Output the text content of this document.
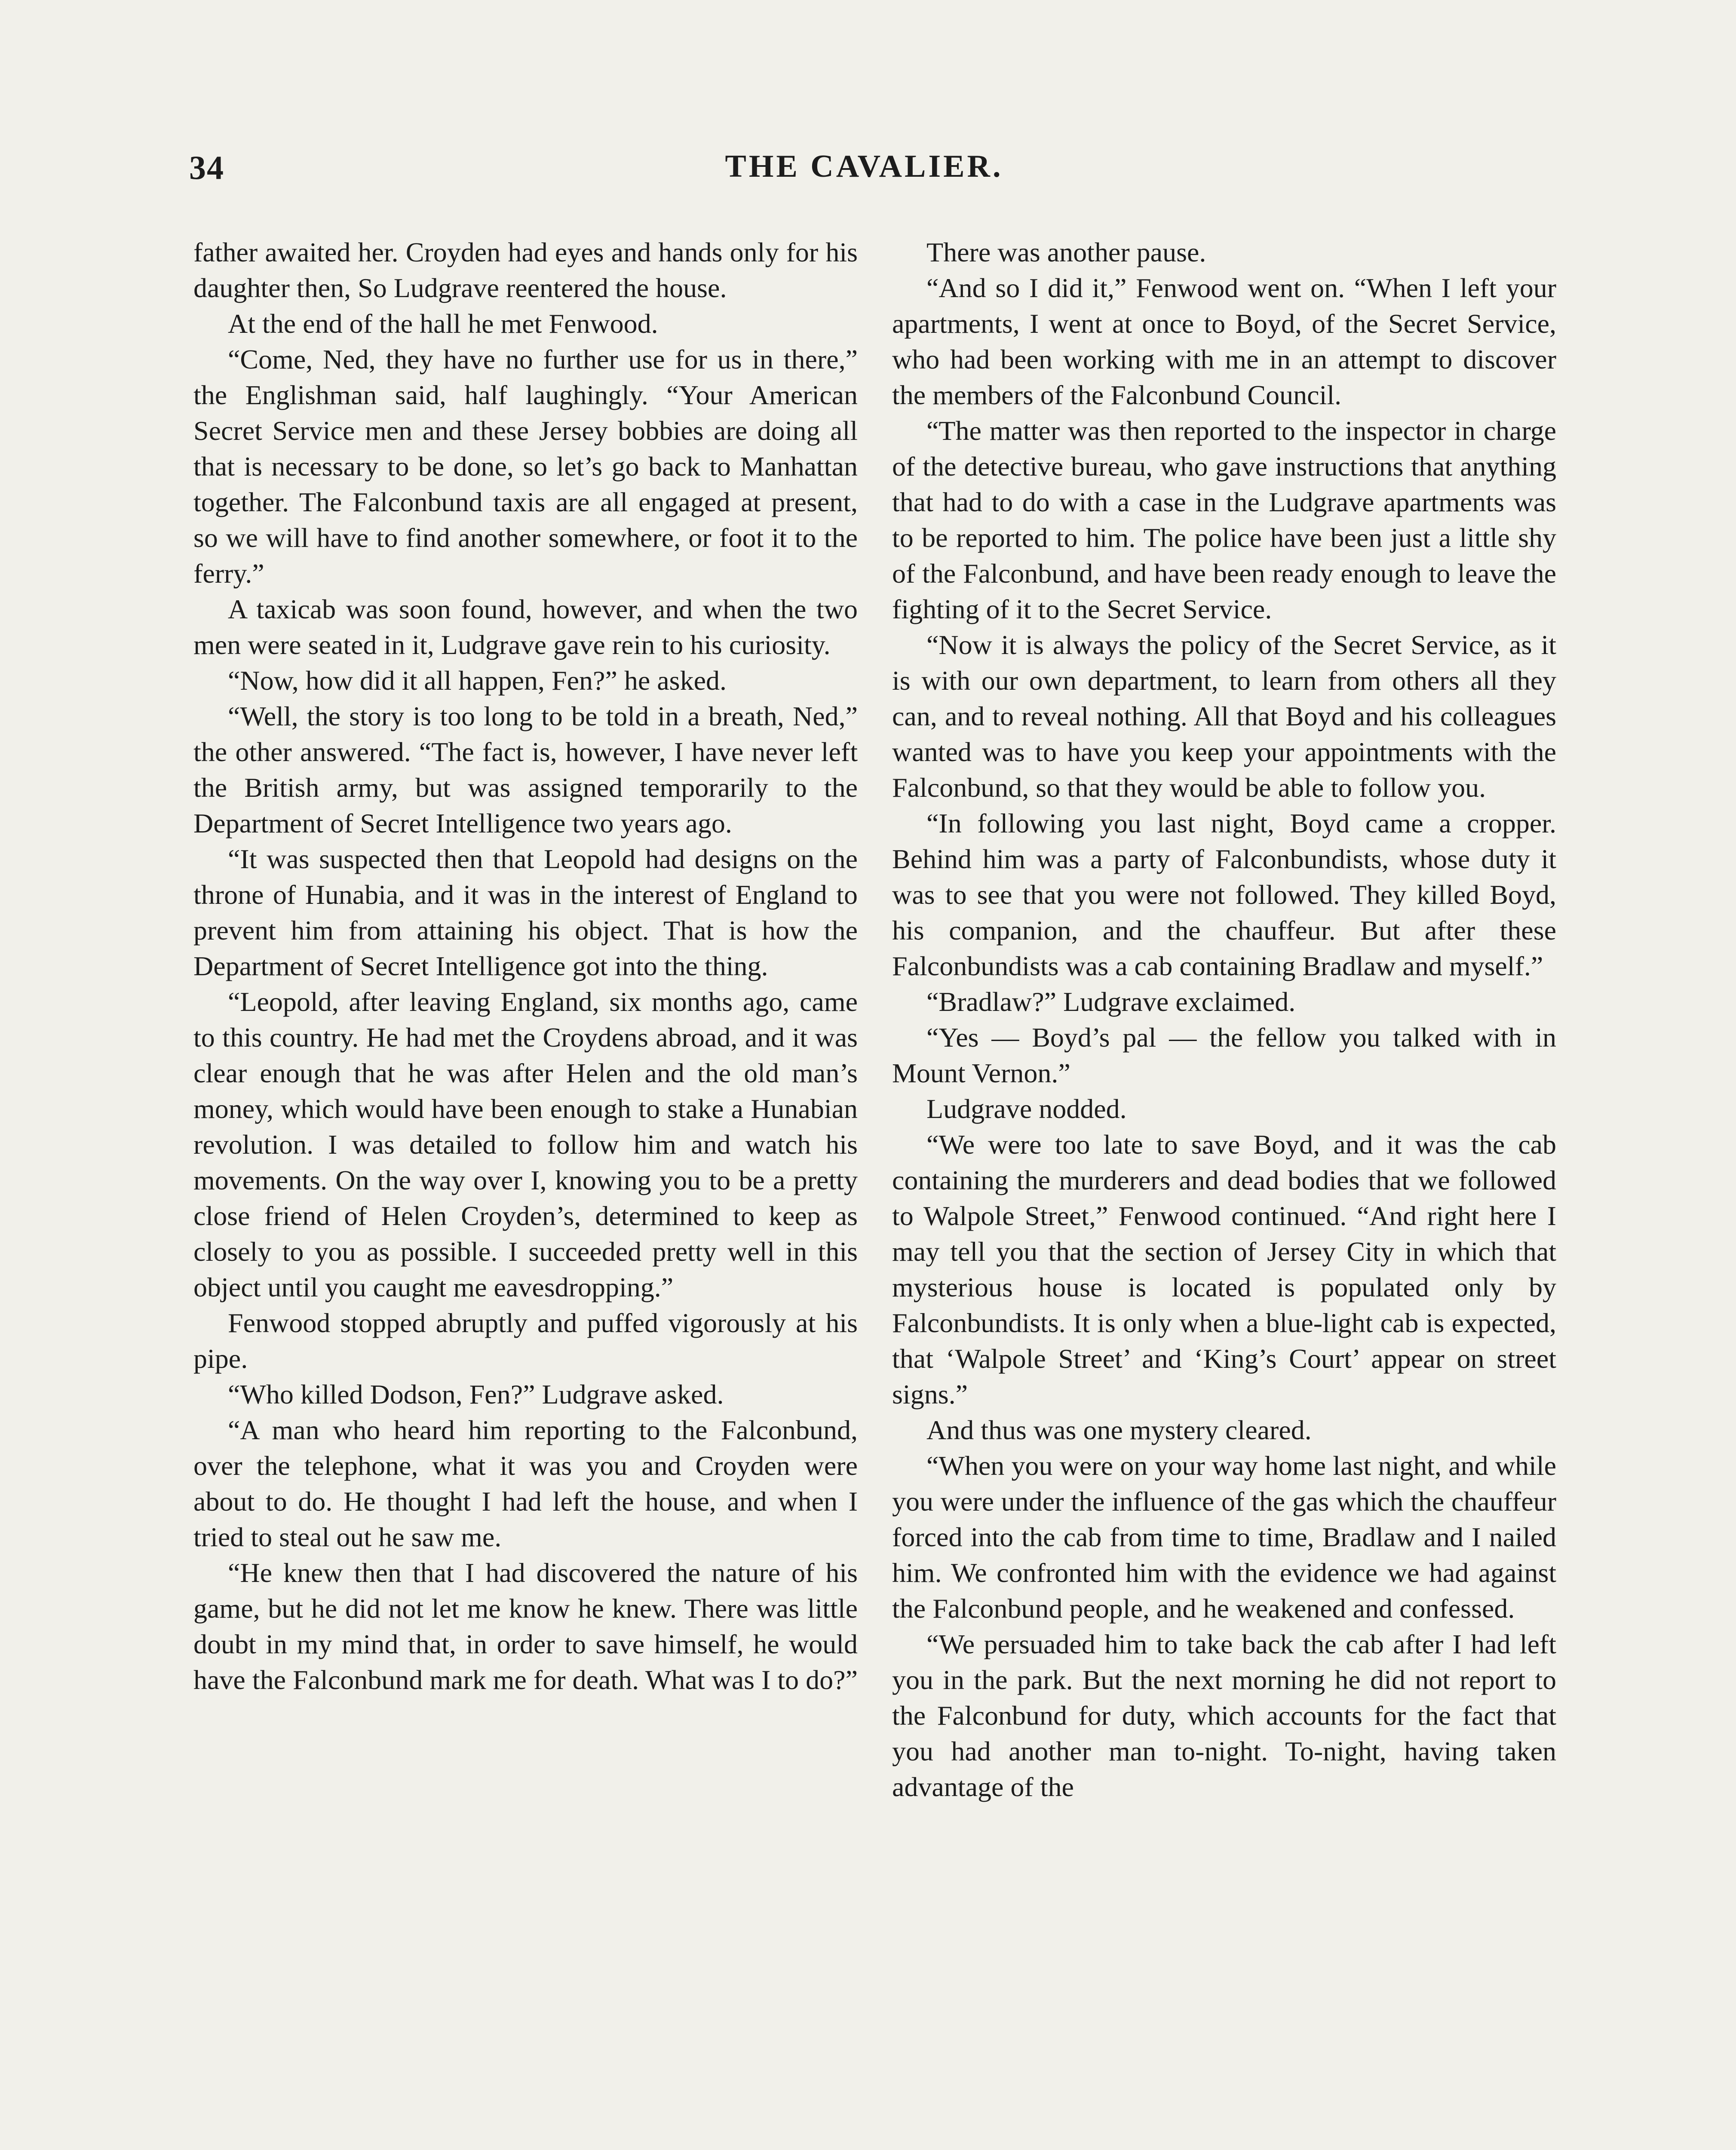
34	THE CAVALIER.

father awaited her. Croyden had eyes and hands only for his daughter then, So Ludgrave reentered the house.

At the end of the hall he met Fenwood.

“Come, Ned, they have no further use for us in there,” the Englishman said, half laughingly. “Your American Secret Service men and these Jersey bobbies are doing all that is necessary to be done, so let’s go back to Manhattan together. The Falconbund taxis are all engaged at present, so we will have to find another somewhere, or foot it to the ferry.”

A taxicab was soon found, however, and when the two men were seated in it, Ludgrave gave rein to his curiosity.

“Now, how did it all happen, Fen?” he asked.

“Well, the story is too long to be told in a breath, Ned,” the other answered. “The fact is, however, I have never left the British army, but was assigned temporarily to the Department of Secret Intelligence two years ago.

“It was suspected then that Leopold had designs on the throne of Hunabia, and it was in the interest of England to prevent him from attaining his object. That is how the Department of Secret Intelligence got into the thing.

“Leopold, after leaving England, six months ago, came to this country. He had met the Croydens abroad, and it was clear enough that he was after Helen and the old man’s money, which would have been enough to stake a Hunabian revolution. I was detailed to follow him and watch his movements. On the way over I, knowing you to be a pretty close friend of Helen Croyden’s, determined to keep as closely to you as possible. I succeeded pretty well in this object until you caught me eavesdropping.”

Fenwood stopped abruptly and puffed vigorously at his pipe.

“Who killed Dodson, Fen?” Ludgrave asked.

“A man who heard him reporting to the Falconbund, over the telephone, what it was you and Croyden were about to do. He thought I had left the house, and when I tried to steal out he saw me.

“He knew then that I had discovered the nature of his game, but he did not let me know he knew. There was little doubt in my mind that, in order to save himself, he would have the Falconbund mark me for death. What was I to do?”

There was another pause.

“And so I did it,” Fenwood went on. “When I left your apartments, I went at once to Boyd, of the Secret Service, who had been working with me in an attempt to discover the members of the Falconbund Council.

“The matter was then reported to the inspector in charge of the detective bureau, who gave instructions that anything that had to do with a case in the Ludgrave apartments was to be reported to him. The police have been just a little shy of the Falconbund, and have been ready enough to leave the fighting of it to the Secret Service.

“Now it is always the policy of the Secret Service, as it is with our own department, to learn from others all they can, and to reveal nothing. All that Boyd and his colleagues wanted was to have you keep your appointments with the Falconbund, so that they would be able to follow you.

“In following you last night, Boyd came a cropper. Behind him was a party of Falconbundists, whose duty it was to see that you were not followed. They killed Boyd, his companion, and the chauffeur. But after these Falconbundists was a cab containing Bradlaw and myself.”

“Bradlaw?” Ludgrave exclaimed.

“Yes — Boyd’s pal — the fellow you talked with in Mount Vernon.”

Ludgrave nodded.

“We were too late to save Boyd, and it was the cab containing the murderers and dead bodies that we followed to Walpole Street,” Fenwood continued. “And right here I may tell you that the section of Jersey City in which that mysterious house is located is populated only by Falconbundists. It is only when a blue-light cab is expected, that ‘Walpole Street’ and ‘King’s Court’ appear on street signs.”

And thus was one mystery cleared.

“When you were on your way home last night, and while you were under the influence of the gas which the chauffeur forced into the cab from time to time, Bradlaw and I nailed him. We confronted him with the evidence we had against the Falconbund people, and he weakened and confessed.

“We persuaded him to take back the cab after I had left you in the park. But the next morning he did not report to the Falconbund for duty, which accounts for the fact that you had another man to-night. To-night, having taken advantage of the
